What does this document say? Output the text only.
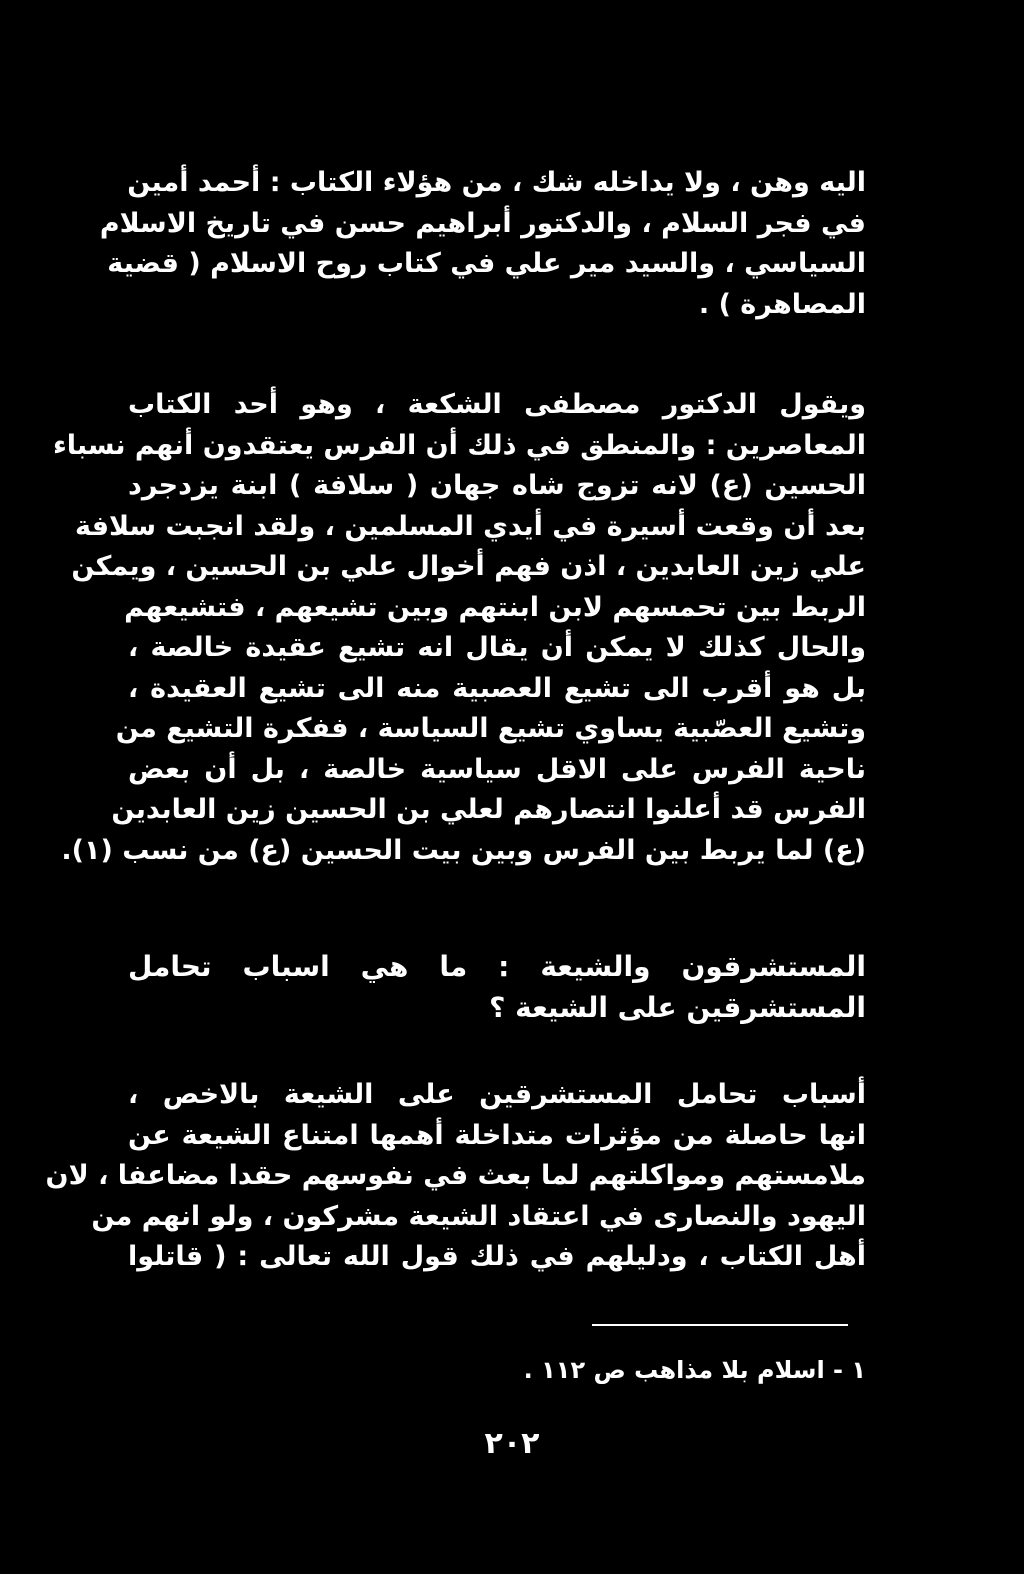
اليه وهن ، ولا يداخله شك ، من هؤلاء الكتاب : أحمد أمين
في فجر السلام ، والدكتور أبراهيم حسن في تاريخ الاسلام
السياسي ، والسيد مير علي في كتاب روح الاسلام ( قضية
المصاهرة ) .
ويقول الدكتور مصطفى الشكعة ، وهو أحد الكتاب
المعاصرين : والمنطق في ذلك أن الفرس يعتقدون أنهم نسباء
الحسين (ع) لانه تزوج شاه جهان ( سلافة ) ابنة يزدجرد
بعد أن وقعت أسيرة في أيدي المسلمين ، ولقد انجبت سلافة
علي زين العابدين ، اذن فهم أخوال علي بن الحسين ، ويمكن
الربط بين تحمسهم لابن ابنتهم وبين تشيعهم ، فتشيعهم
والحال كذلك لا يمكن أن يقال انه تشيع عقيدة خالصة ،
بل هو أقرب الى تشيع العصبية منه الى تشيع العقيدة ،
وتشيع العصّبية يساوي تشيع السياسة ، ففكرة التشيع من
ناحية الفرس على الاقل سياسية خالصة ، بل أن بعض
الفرس قد أعلنوا انتصارهم لعلي بن الحسين زين العابدين
(ع) لما يربط بين الفرس وبين بيت الحسين (ع) من نسب (١).
المستشرقون والشيعة : ما هي اسباب تحامل
المستشرقين على الشيعة ؟
أسباب تحامل المستشرقين على الشيعة بالاخص ،
انها حاصلة من مؤثرات متداخلة أهمها امتناع الشيعة عن
ملامستهم ومواكلتهم لما بعث في نفوسهم حقدا مضاعفا ، لان
اليهود والنصارى في اعتقاد الشيعة مشركون ، ولو انهم من
أهل الكتاب ، ودليلهم في ذلك قول الله تعالى : ( قاتلوا
١ - اسلام بلا مذاهب ص ١١٢ .
٢٠٢
